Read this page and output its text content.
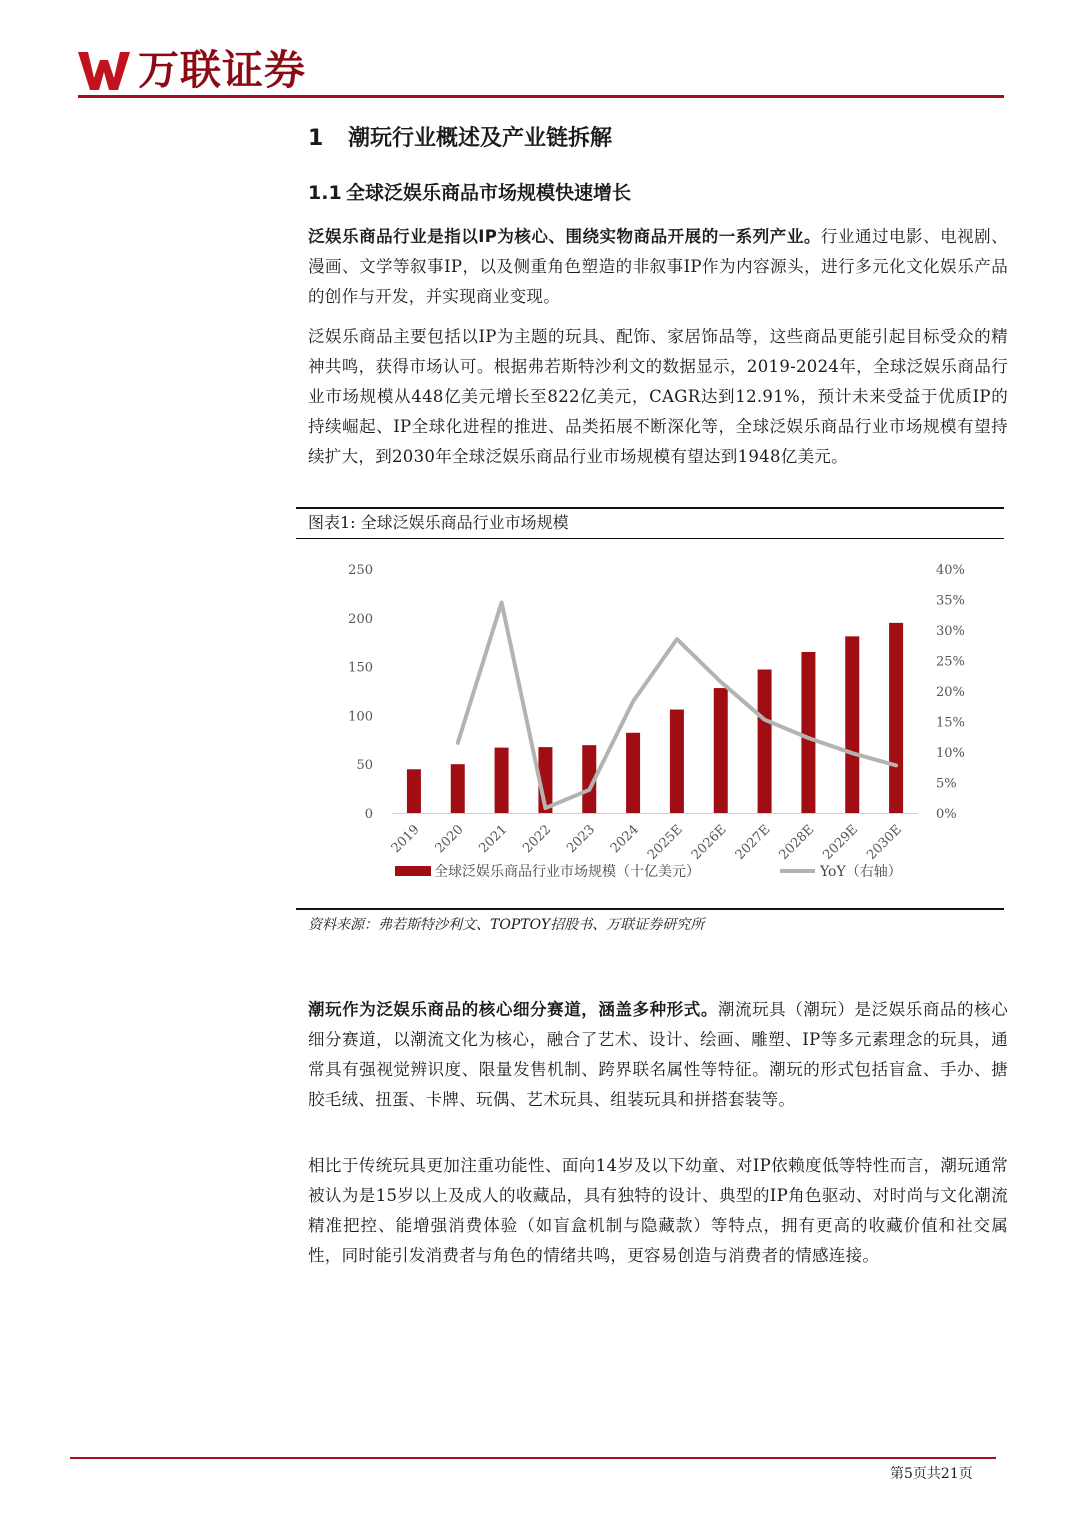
万联证券
1 潮玩行业概述及产业链拆解
1.1 全球泛娱乐商品市场规模快速增长
泛娱乐商品行业是指以IP为核心、围绕实物商品开展的一系列产业。行业通过电影、电视剧、漫画、文学等叙事IP，以及侧重角色塑造的非叙事IP作为内容源头，进行多元化文化娱乐产品的创作与开发，并实现商业变现。
泛娱乐商品主要包括以IP为主题的玩具、配饰、家居饰品等，这些商品更能引起目标受众的精神共鸣，获得市场认可。根据弗若斯特沙利文的数据显示，2019-2024年，全球泛娱乐商品行业市场规模从448亿美元增长至822亿美元，CAGR达到12.91%，预计未来受益于优质IP的持续崛起、IP全球化进程的推进、品类拓展不断深化等，全球泛娱乐商品行业市场规模有望持续扩大，到2030年全球泛娱乐商品行业市场规模有望达到1948亿美元。
图表1: 全球泛娱乐商品行业市场规模
250
200
150
100
50
0
40%
35%
30%
25%
20%
15%
10%
5%
0%
2019 2020 2021 2022 2023 2024 2025E 2026E 2027E 2028E 2029E 2030E
全球泛娱乐商品行业市场规模（十亿美元）	YoY（右轴）
资料来源：弗若斯特沙利文、TOPTOY招股书、万联证券研究所
潮玩作为泛娱乐商品的核心细分赛道，涵盖多种形式。潮流玩具（潮玩）是泛娱乐商品的核心细分赛道，以潮流文化为核心，融合了艺术、设计、绘画、雕塑、IP等多元素理念的玩具，通常具有强视觉辨识度、限量发售机制、跨界联名属性等特征。潮玩的形式包括盲盒、手办、搪胶毛绒、扭蛋、卡牌、玩偶、艺术玩具、组装玩具和拼搭套装等。
相比于传统玩具更加注重功能性、面向14岁及以下幼童、对IP依赖度低等特性而言，潮玩通常被认为是15岁以上及成人的收藏品，具有独特的设计、典型的IP角色驱动、对时尚与文化潮流精准把控、能增强消费体验（如盲盒机制与隐藏款）等特点，拥有更高的收藏价值和社交属性，同时能引发消费者与角色的情绪共鸣，更容易创造与消费者的情感连接。
第5页共21页
